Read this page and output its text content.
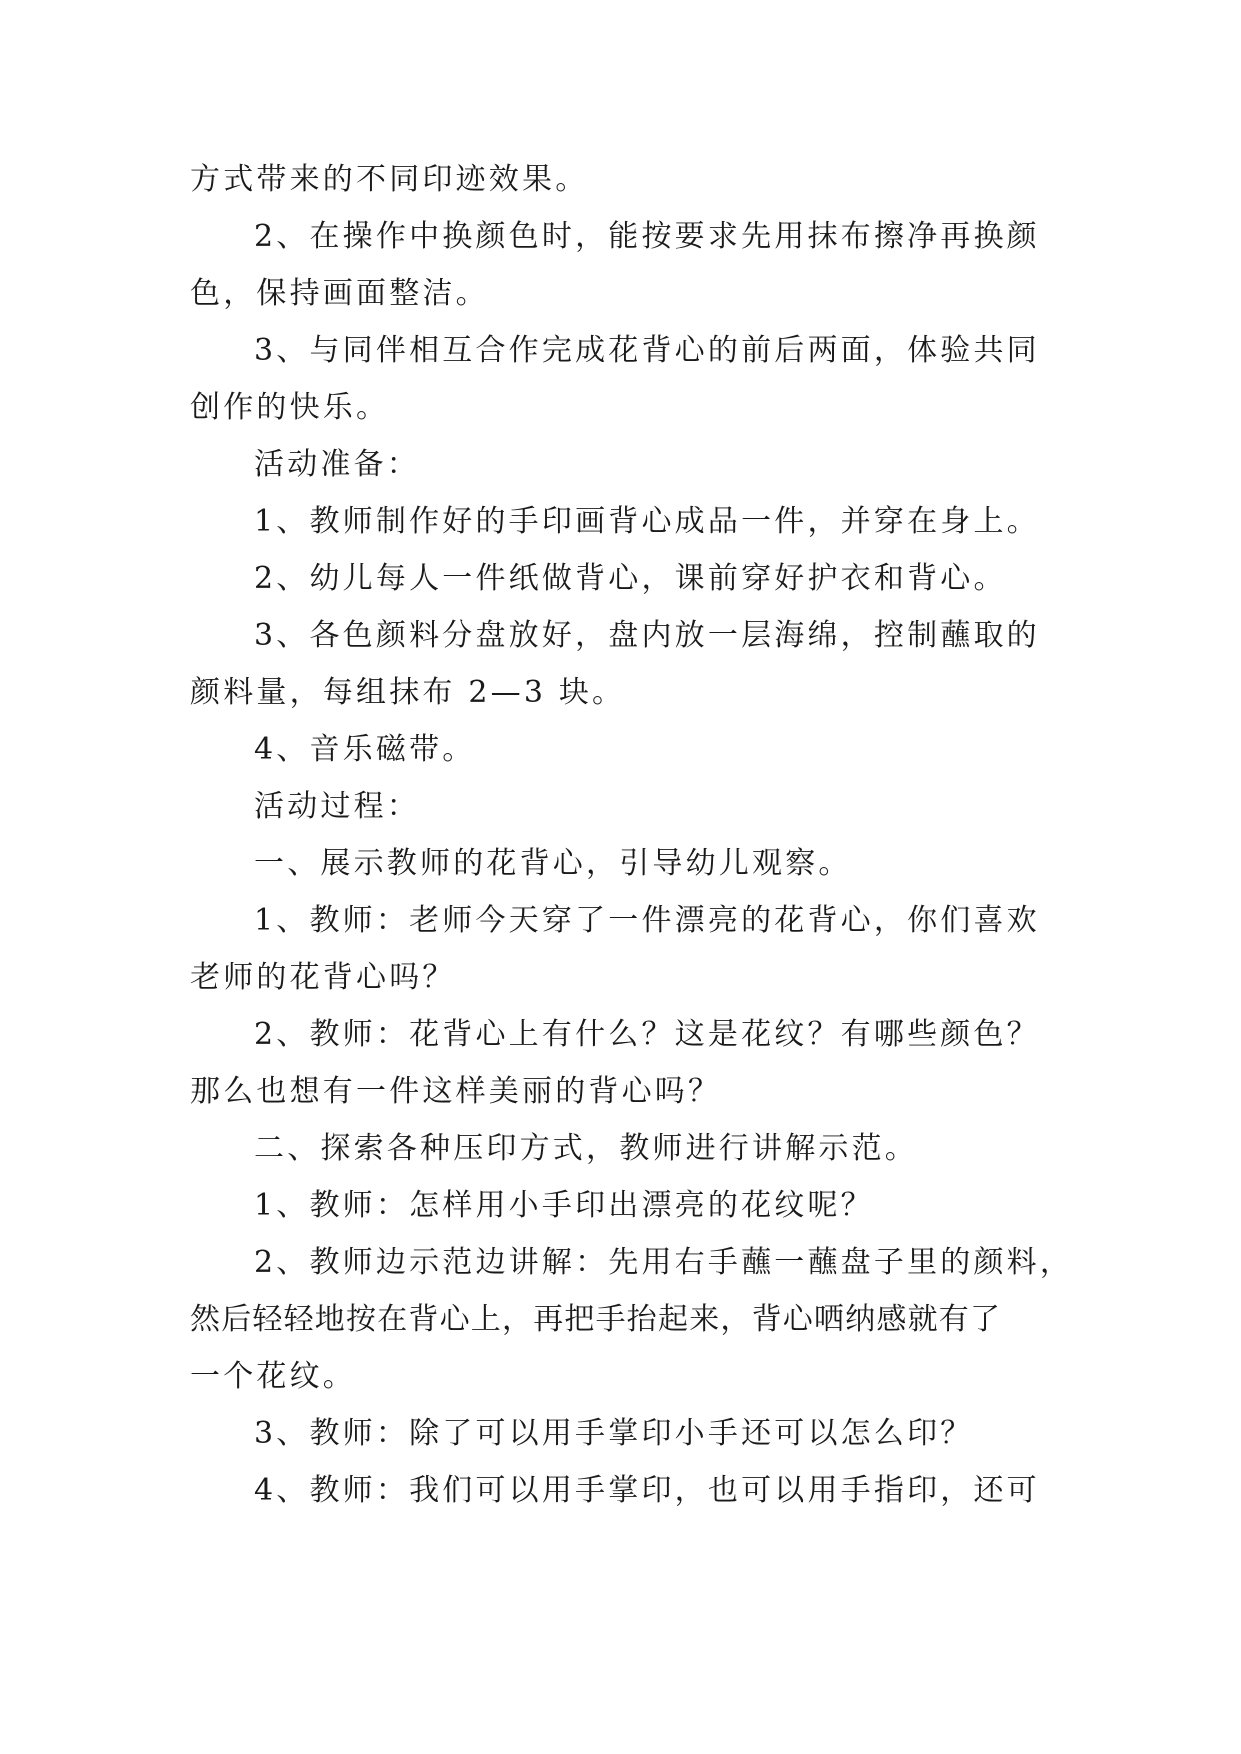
方式带来的不同印迹效果。
2、在操作中换颜色时，能按要求先用抹布擦净再换颜
色，保持画面整洁。
3、与同伴相互合作完成花背心的前后两面，体验共同
创作的快乐。
活动准备：
1、教师制作好的手印画背心成品一件，并穿在身上。
2、幼儿每人一件纸做背心，课前穿好护衣和背心。
3、各色颜料分盘放好，盘内放一层海绵，控制蘸取的
颜料量，每组抹布 2—3 块。
4、音乐磁带。
活动过程：
一、展示教师的花背心，引导幼儿观察。
1、教师：老师今天穿了一件漂亮的花背心，你们喜欢
老师的花背心吗？
2、教师：花背心上有什么？这是花纹？有哪些颜色？
那么也想有一件这样美丽的背心吗？
二、探索各种压印方式，教师进行讲解示范。
1、教师：怎样用小手印出漂亮的花纹呢？
2、教师边示范边讲解：先用右手蘸一蘸盘子里的颜料，
然后轻轻地按在背心上，再把手抬起来，背心哂纳感就有了
一个花纹。
3、教师：除了可以用手掌印小手还可以怎么印？
4、教师：我们可以用手掌印，也可以用手指印，还可
